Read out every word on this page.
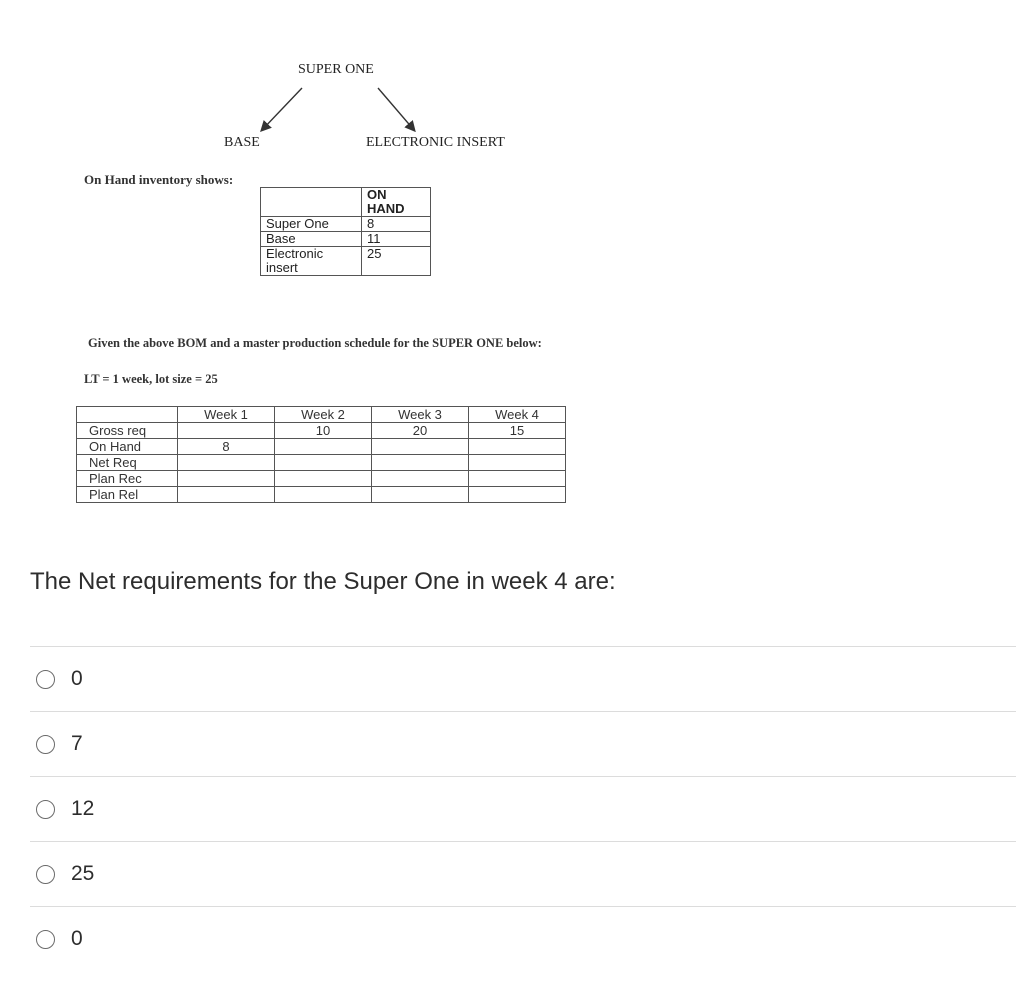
SUPER ONE
BASE	ELECTRONIC INSERT
On Hand inventory shows:

	ON
HAND

Super One	8
Base	11

Electronic
insert	25
Given the above BOM and a master production schedule for the SUPER ONE below:
LT = 1 week, lot size = 25
	Week 1	Week 2	Week 3	Week 4
Gross req		10	20	15
On Hand	8			
Net Req				
Plan Rec				
Plan Rel				
The Net requirements for the Super One in week 4 are:
0
7
12
25
0
